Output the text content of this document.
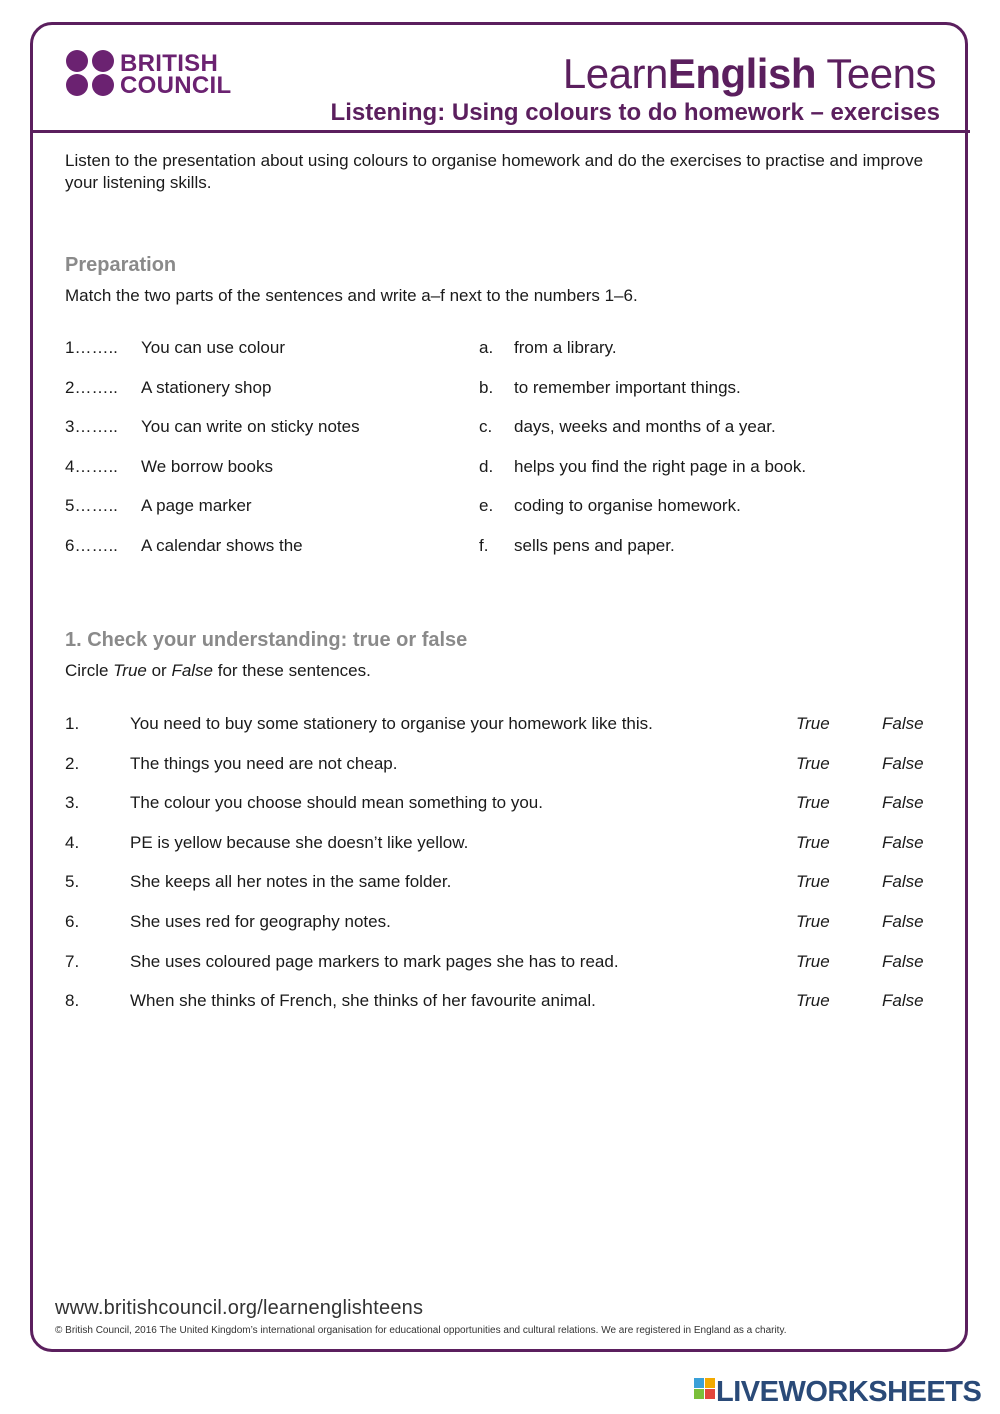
BRITISH
COUNCIL	LearnEnglish Teens
Listening: Using colours to do homework – exercises
Listen to the presentation about using colours to organise homework and do the exercises to practise and improve your listening skills.
Preparation
Match the two parts of the sentences and write a–f next to the numbers 1–6.
1…….. You can use colour	a. from a library.
2…….. A stationery shop	b. to remember important things.
3…….. You can write on sticky notes	c. days, weeks and months of a year.
4…….. We borrow books	d. helps you find the right page in a book.
5…….. A page marker	e. coding to organise homework.
6…….. A calendar shows the	f. sells pens and paper.
1. Check your understanding: true or false
Circle True or False for these sentences.
1.	You need to buy some stationery to organise your homework like this.	True	False
2.	The things you need are not cheap.	True	False
3.	The colour you choose should mean something to you.	True	False
4.	PE is yellow because she doesn’t like yellow.	True	False
5.	She keeps all her notes in the same folder.	True	False
6.	She uses red for geography notes.	True	False
7.	She uses coloured page markers to mark pages she has to read.	True	False
8.	When she thinks of French, she thinks of her favourite animal.	True	False
www.britishcouncil.org/learnenglishteens
© British Council, 2016 The United Kingdom’s international organisation for educational opportunities and cultural relations. We are registered in England as a charity.
LIVEWORKSHEETS
